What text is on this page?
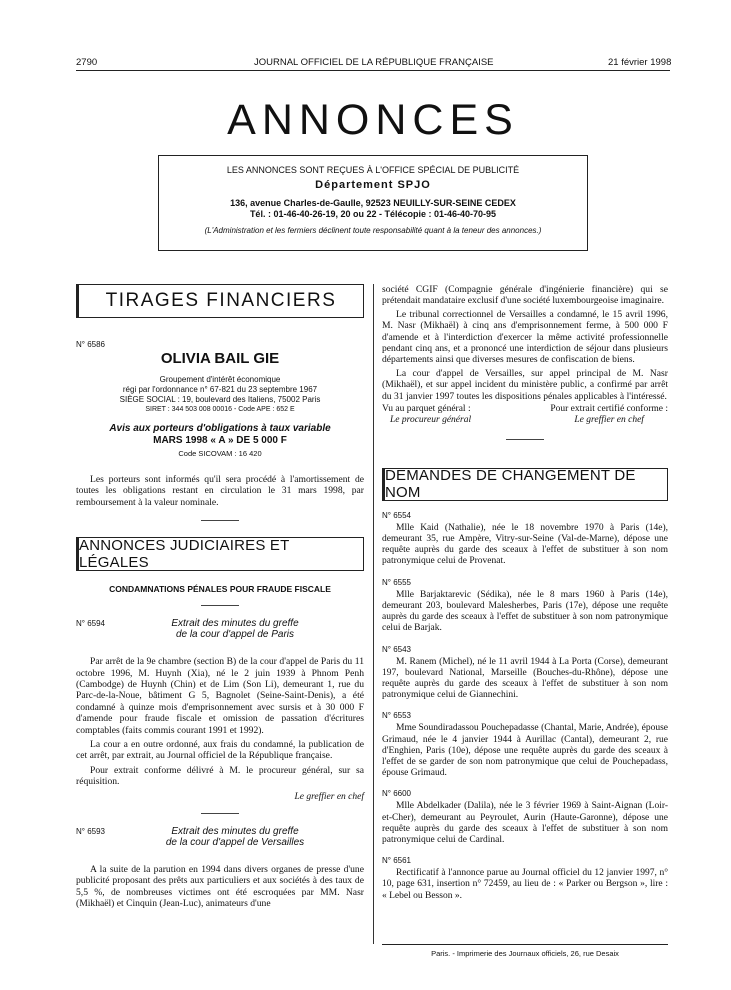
2790	JOURNAL OFFICIEL DE LA RÉPUBLIQUE FRANÇAISE	21 février 1998
ANNONCES
LES ANNONCES SONT REÇUES À L'OFFICE SPÉCIAL DE PUBLICITÉ
Département SPJO
136, avenue Charles-de-Gaulle, 92523 NEUILLY-SUR-SEINE CEDEX
Tél. : 01-46-40-26-19, 20 ou 22 - Télécopie : 01-46-40-70-95
(L'Administration et les fermiers déclinent toute responsabilité quant à la teneur des annonces.)
TIRAGES FINANCIERS
N° 6586
OLIVIA BAIL GIE
Groupement d'intérêt économique
régi par l'ordonnance n° 67-821 du 23 septembre 1967
SIÈGE SOCIAL : 19, boulevard des Italiens, 75002 Paris
SIRET : 344 503 008 00016 - Code APE : 652 E
Avis aux porteurs d'obligations à taux variable
MARS 1998 « A » DE 5 000 F
Code SICOVAM : 16 420

Les porteurs sont informés qu'il sera procédé à l'amortissement de toutes les obligations restant en circulation le 31 mars 1998, par remboursement à la valeur nominale.

ANNONCES JUDICIAIRES ET LÉGALES
CONDAMNATIONS PÉNALES POUR FRAUDE FISCALE
N° 6594	Extrait des minutes du greffe
de la cour d'appel de Paris

Par arrêt de la 9e chambre (section B) de la cour d'appel de Paris du 11 octobre 1996, M. Huynh (Xia), né le 2 juin 1939 à Phnom Penh (Cambodge) de Huynh (Chin) et de Lim (Son Li), demeurant 1, rue du Parc-de-la-Noue, bâtiment G 5, Bagnolet (Seine-Saint-Denis), a été condamné à quinze mois d'emprisonnement avec sursis et à 30 000 F d'amende pour fraude fiscale et omission de passation d'écritures comptables (faits commis courant 1991 et 1992).

La cour a en outre ordonné, aux frais du condamné, la publication de cet arrêt, par extrait, au Journal officiel de la République française.

Pour extrait conforme délivré à M. le procureur général, sur sa réquisition.

Le greffier en chef
N° 6593	Extrait des minutes du greffe
de la cour d'appel de Versailles

A la suite de la parution en 1994 dans divers organes de presse d'une publicité proposant des prêts aux particuliers et aux sociétés à des taux de 5,5 %, de nombreuses victimes ont été escroquées par MM. Nasr (Mikhaël) et Cinquin (Jean-Luc), animateurs d'une

société CGIF (Compagnie générale d'ingénierie financière) qui se prétendait mandataire exclusif d'une société luxembourgeoise imaginaire.

Le tribunal correctionnel de Versailles a condamné, le 15 avril 1996, M. Nasr (Mikhaël) à cinq ans d'emprisonnement ferme, à 500 000 F d'amende et à l'interdiction d'exercer la même activité professionnelle pendant cinq ans, et a prononcé une interdiction de séjour dans plusieurs départements ainsi que diverses mesures de confiscation de biens.

La cour d'appel de Versailles, sur appel principal de M. Nasr (Mikhaël), et sur appel incident du ministère public, a confirmé par arrêt du 31 janvier 1997 toutes les dispositions pénales applicables à l'intéressé.

Vu au parquet général :
Le procureur général
Pour extrait certifié conforme :
Le greffier en chef
DEMANDES DE CHANGEMENT DE NOM
N° 6554

Mlle Kaid (Nathalie), née le 18 novembre 1970 à Paris (14e), demeurant 35, rue Ampère, Vitry-sur-Seine (Val-de-Marne), dépose une requête auprès du garde des sceaux à l'effet de substituer à son nom patronymique celui de Provenat.

N° 6555

Mlle Barjaktarevic (Sédika), née le 8 mars 1960 à Paris (14e), demeurant 203, boulevard Malesherbes, Paris (17e), dépose une requête auprès du garde des sceaux à l'effet de substituer à son nom patronymique celui de Barjak.

N° 6543

M. Ranem (Michel), né le 11 avril 1944 à La Porta (Corse), demeurant 197, boulevard National, Marseille (Bouches-du-Rhône), dépose une requête auprès du garde des sceaux à l'effet de substituer à son nom patronymique celui de Giannechini.

N° 6553

Mme Soundiradassou Pouchepadasse (Chantal, Marie, Andrée), épouse Grimaud, née le 4 janvier 1944 à Aurillac (Cantal), demeurant 2, rue d'Enghien, Paris (10e), dépose une requête auprès du garde des sceaux à l'effet de se garder de son nom patronymique que celui de Pouchepadass, épouse Grimaud.

N° 6600

Mlle Abdelkader (Dalila), née le 3 février 1969 à Saint-Aignan (Loir-et-Cher), demeurant au Peyroulet, Aurin (Haute-Garonne), dépose une requête auprès du garde des sceaux à l'effet de substituer à son nom patronymique celui de Cardinal.

N° 6561

Rectificatif à l'annonce parue au Journal officiel du 12 janvier 1997, n° 10, page 631, insertion n° 72459, au lieu de : « Parker ou Bergson », lire : « Lebel ou Besson ».

Paris. - Imprimerie des Journaux officiels, 26, rue Desaix
